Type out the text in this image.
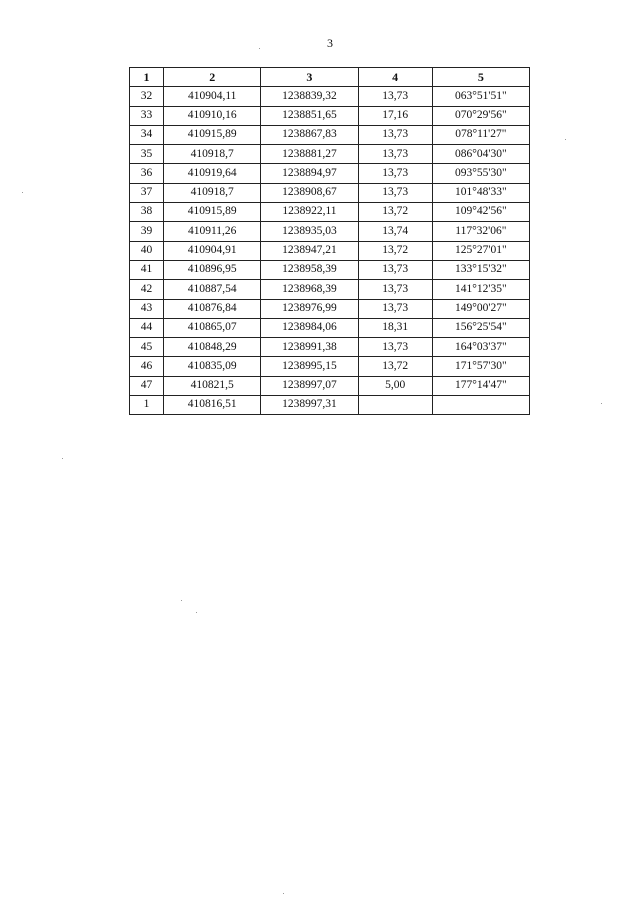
3
1	2	3	4	5
32	410904,11	1238839,32	13,73	063°51'51"
33	410910,16	1238851,65	17,16	070°29'56"
34	410915,89	1238867,83	13,73	078°11'27"
35	410918,7	1238881,27	13,73	086°04'30"
36	410919,64	1238894,97	13,73	093°55'30"
37	410918,7	1238908,67	13,73	101°48'33"
38	410915,89	1238922,11	13,72	109°42'56"
39	410911,26	1238935,03	13,74	117°32'06"
40	410904,91	1238947,21	13,72	125°27'01"
41	410896,95	1238958,39	13,73	133°15'32"
42	410887,54	1238968,39	13,73	141°12'35"
43	410876,84	1238976,99	13,73	149°00'27"
44	410865,07	1238984,06	18,31	156°25'54"
45	410848,29	1238991,38	13,73	164°03'37"
46	410835,09	1238995,15	13,72	171°57'30"
47	410821,5	1238997,07	5,00	177°14'47"
1	410816,51	1238997,31		
